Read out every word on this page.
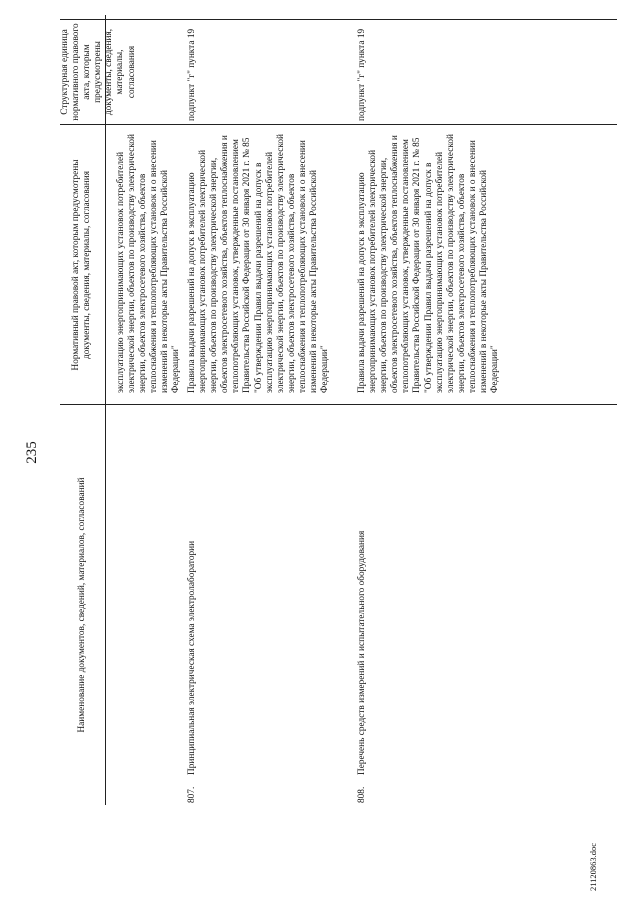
235
Наименование документов, сведений, материалов, согласований
Нормативный правовой акт, которым предусмотрены документы, сведения, материалы, согласования
Структурная единица нормативного правового акта, которым предусмотрены документы, сведения, материалы, согласования
эксплуатацию энергопринимающих установок потребителей электрической энергии, объектов по производству электрической энергии, объектов электросетевого хозяйства, объектов теплоснабжения и теплопотребляющих установок и о внесении изменений в некоторые акты Правительства Российской Федерации"
807.
Принципиальная электрическая схема электролаборатории
Правила выдачи разрешений на допуск в эксплуатацию энергопринимающих установок потребителей электрической энергии, объектов по производству электрической энергии, объектов электросетевого хозяйства, объектов теплоснабжения и теплопотребляющих установок, утвержденные постановлением Правительства Российской Федерации от 30 января 2021 г. № 85 "Об утверждении Правил выдачи разрешений на допуск в эксплуатацию энергопринимающих установок потребителей электрической энергии, объектов по производству электрической энергии, объектов электросетевого хозяйства, объектов теплоснабжения и теплопотребляющих установок и о внесении изменений в некоторые акты Правительства Российской Федерации"
подпункт "г" пункта 19
808.
Перечень средств измерений и испытательного оборудования
Правила выдачи разрешений на допуск в эксплуатацию энергопринимающих установок потребителей электрической энергии, объектов по производству электрической энергии, объектов электросетевого хозяйства, объектов теплоснабжения и теплопотребляющих установок, утвержденные постановлением Правительства Российской Федерации от 30 января 2021 г. № 85 "Об утверждении Правил выдачи разрешений на допуск в эксплуатацию энергопринимающих установок потребителей электрической энергии, объектов по производству электрической энергии, объектов электросетевого хозяйства, объектов теплоснабжения и теплопотребляющих установок и о внесении изменений в некоторые акты Правительства Российской Федерации"
подпункт "г" пункта 19
21120863.doc
